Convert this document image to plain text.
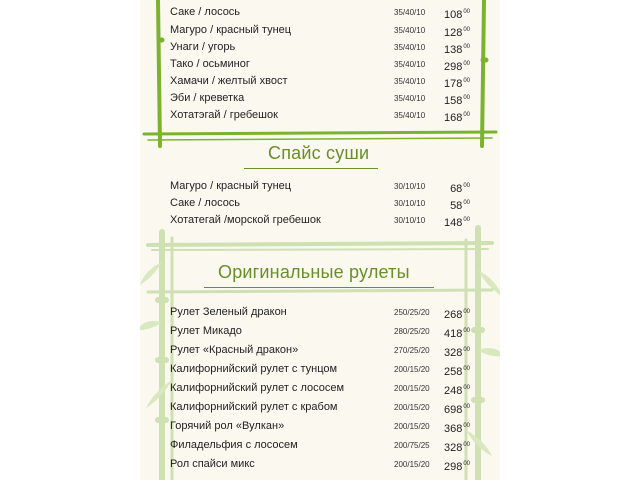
Саке / лосось	35/40/10 $108^{00}$
Магуро / красный тунец	35/40/10 $128^{00}$
Унаги / угорь	35/40/10 $138^{00}$
Тако / осьминог	35/40/10 $298^{00}$
Хамачи / желтый хвост	35/40/10 $178^{00}$
Эби / креветка	35/40/10 $158^{00}$
Хотатэгай / гребешок	35/40/10 $168^{00}$
Спайс суши
Магуро / красный тунец	30/10/10 $68^{00}$
Саке / лосось	30/10/10 $58^{00}$
Хотатегай /морской гребешок	30/10/10 $148^{00}$
Оригинальные рулеты
Рулет Зеленый дракон	250/25/20 $268^{00}$
Рулет Микадо	280/25/20 $418^{00}$
Рулет «Красный дракон»	270/25/20 $328^{00}$
Калифорнийский рулет с тунцом	200/15/20 $258^{00}$
Калифорнийский рулет с лососем	200/15/20 $248^{00}$
Калифорнийский рулет с крабом	200/15/20 $698^{00}$
Горячий рол «Вулкан»	200/15/20 $368^{00}$
Филадельфия с лососем	200/75/25 $328^{00}$
Рол спайси микс	200/15/20 $298^{00}$
